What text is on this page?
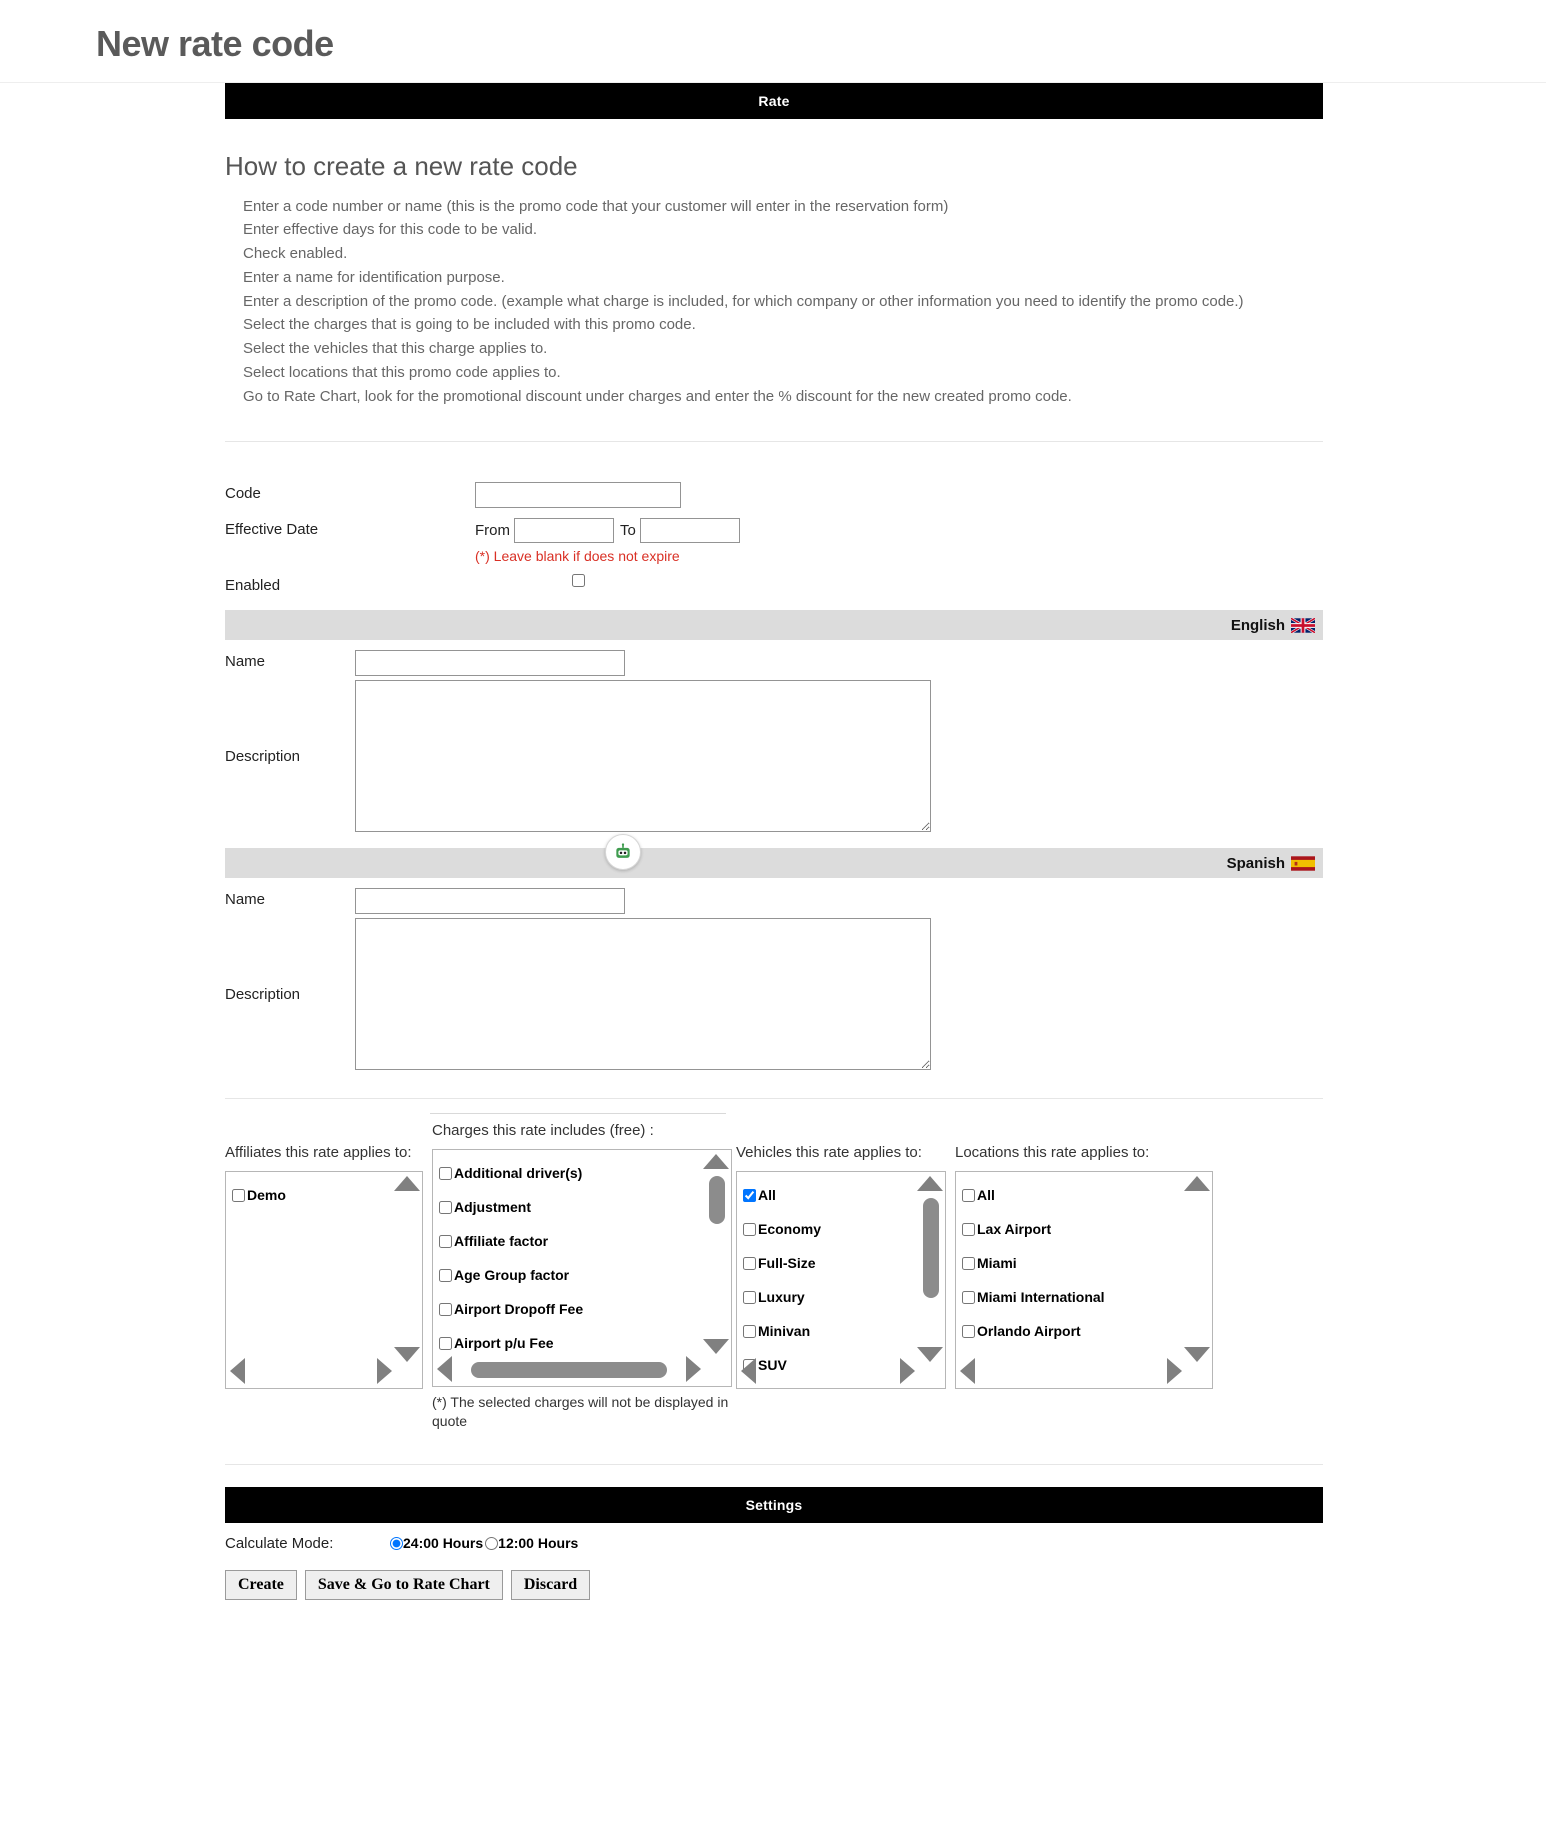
New rate code
Rate
How to create a new rate code
Enter a code number or name (this is the promo code that your customer will enter in the reservation form)
Enter effective days for this code to be valid.
Check enabled.
Enter a name for identification purpose.
Enter a description of the promo code. (example what charge is included, for which company or other information you need to identify the promo code.)
Select the charges that is going to be included with this promo code.
Select the vehicles that this charge applies to.
Select locations that this promo code applies to.
Go to Rate Chart, look for the promotional discount under charges and enter the % discount for the new created promo code.
Code
Effective Date	From	To
(*) Leave blank if does not expire
Enabled
English
Name
Description
Spanish
Name
Description
Affiliates this rate applies to:
Demo
Charges this rate includes (free) :
Additional driver(s)
Adjustment
Affiliate factor
Age Group factor
Airport Dropoff Fee
Airport p/u Fee
(*) The selected charges will not be displayed in quote
Vehicles this rate applies to:
All
Economy
Full-Size
Luxury
Minivan
SUV
Locations this rate applies to:
All
Lax Airport
Miami
Miami International
Orlando Airport
Settings
Calculate Mode:	24:00 Hours 12:00 Hours
Create	Save & Go to Rate Chart	Discard
